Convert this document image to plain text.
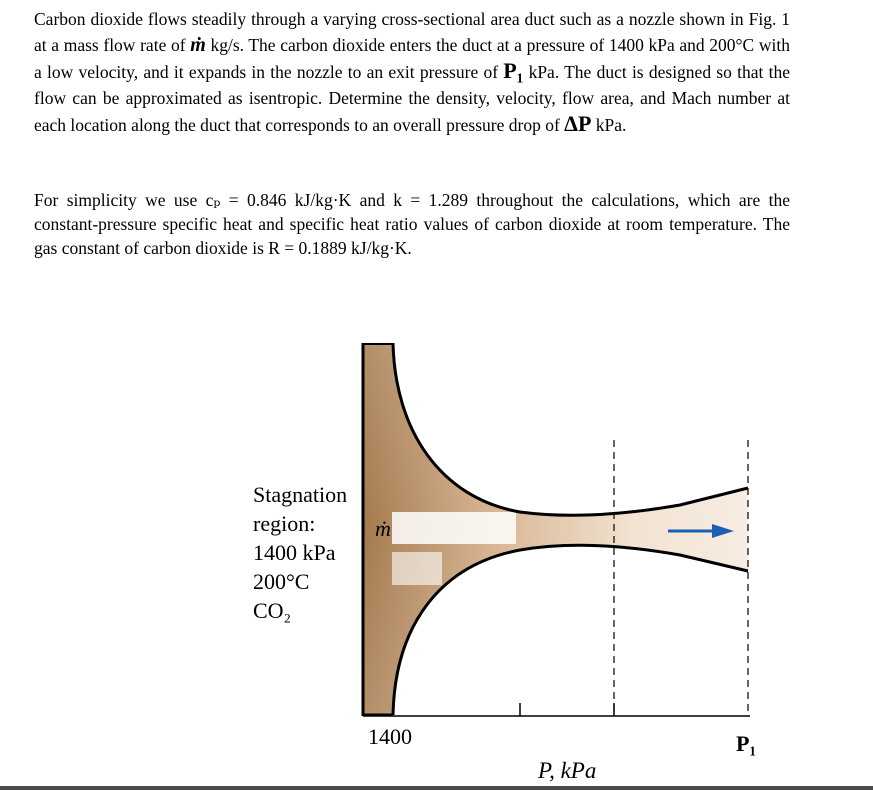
Carbon dioxide flows steadily through a varying cross-sectional area duct such as a nozzle shown in Fig. 1 at a mass flow rate of ṁ kg/s. The carbon dioxide enters the duct at a pressure of 1400 kPa and 200°C with a low velocity, and it expands in the nozzle to an exit pressure of P₁ kPa. The duct is designed so that the flow can be approximated as isentropic. Determine the density, velocity, flow area, and Mach number at each location along the duct that corresponds to an overall pressure drop of ΔP kPa.

For simplicity we use cₚ = 0.846 kJ/kg·K and k = 1.289 throughout the calculations, which are the constant-pressure specific heat and specific heat ratio values of carbon dioxide at room temperature. The gas constant of carbon dioxide is R = 0.1889 kJ/kg·K.

Stagnation
region:
1400 kPa
200°C
CO₂
ṁ
1400	P₁
P, kPa
